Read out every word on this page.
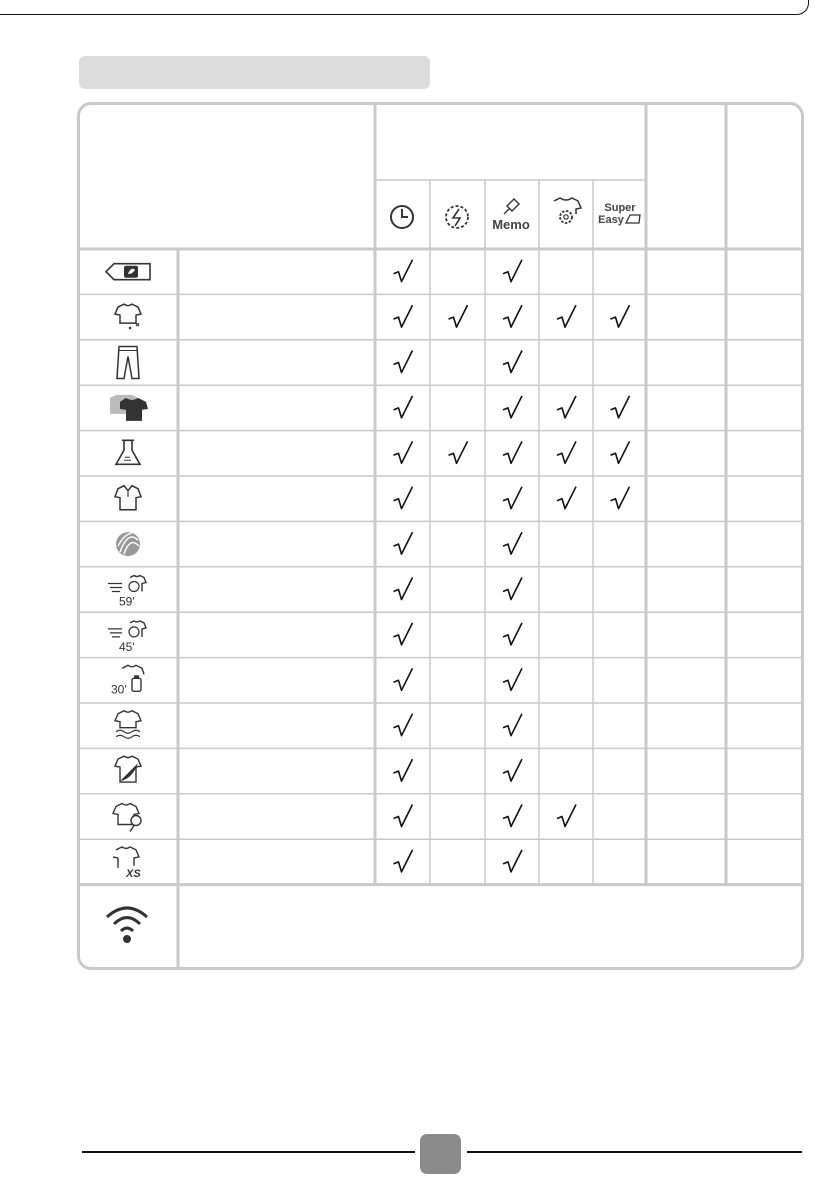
Memo
Super
Easy
59'
45'
30'
XS
